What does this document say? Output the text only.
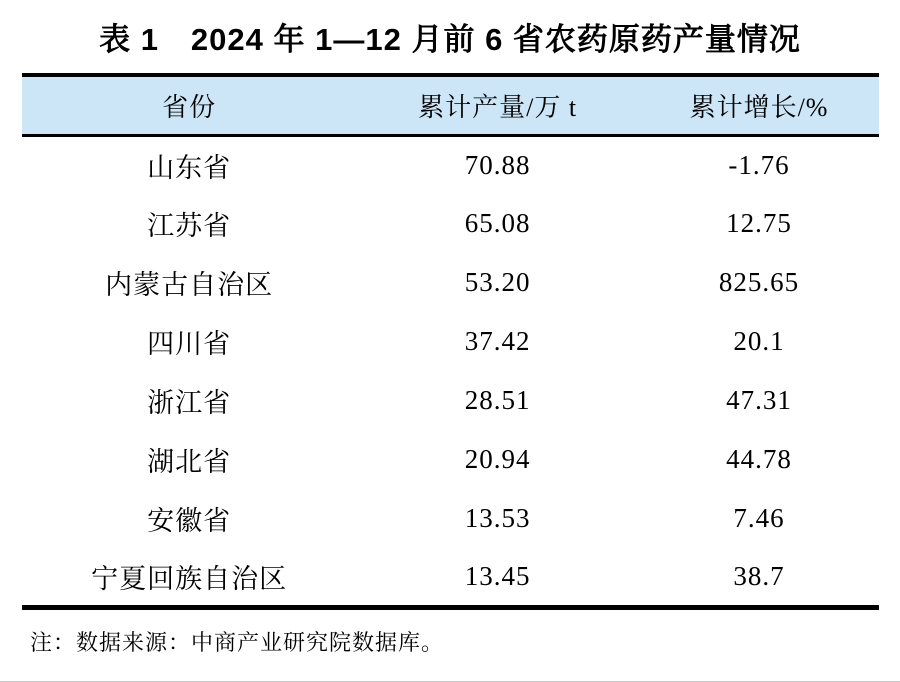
表 1　2024 年 1—12 月前 6 省农药原药产量情况
省份	累计产量/万 t	累计增长/%
山东省	70.88	-1.76
江苏省	65.08	12.75
内蒙古自治区	53.20	825.65
四川省	37.42	20.1
浙江省	28.51	47.31
湖北省	20.94	44.78
安徽省	13.53	7.46
宁夏回族自治区	13.45	38.7
注：数据来源：中商产业研究院数据库。
